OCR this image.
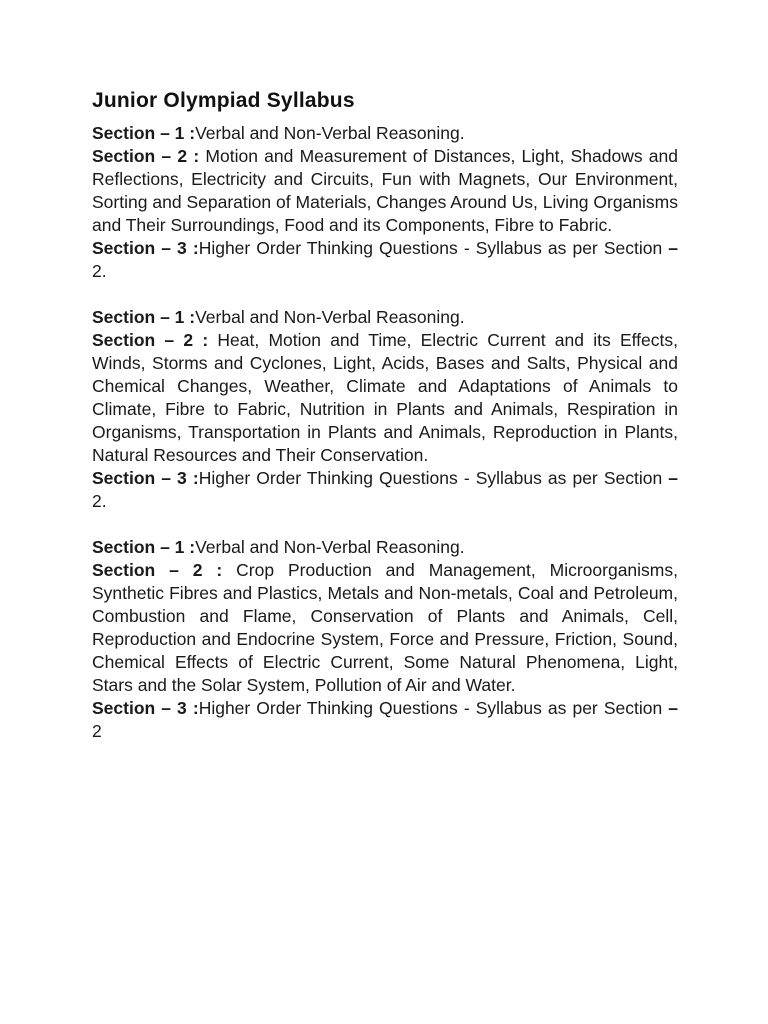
Junior Olympiad Syllabus

Section – 1 :Verbal and Non-Verbal Reasoning.

Section – 2 : Motion and Measurement of Distances, Light, Shadows and Reflections, Electricity and Circuits, Fun with Magnets, Our Environment, Sorting and Separation of Materials, Changes Around Us, Living Organisms and Their Surroundings, Food and its Components, Fibre to Fabric.

Section – 3 :Higher Order Thinking Questions - Syllabus as per Section – 2.

Section – 1 :Verbal and Non-Verbal Reasoning.

Section – 2 : Heat, Motion and Time, Electric Current and its Effects, Winds, Storms and Cyclones, Light, Acids, Bases and Salts, Physical and Chemical Changes, Weather, Climate and Adaptations of Animals to Climate, Fibre to Fabric, Nutrition in Plants and Animals, Respiration in Organisms, Transportation in Plants and Animals, Reproduction in Plants, Natural Resources and Their Conservation.

Section – 3 :Higher Order Thinking Questions - Syllabus as per Section – 2.

Section – 1 :Verbal and Non-Verbal Reasoning.

Section – 2 : Crop Production and Management, Microorganisms, Synthetic Fibres and Plastics, Metals and Non-metals, Coal and Petroleum, Combustion and Flame, Conservation of Plants and Animals, Cell, Reproduction and Endocrine System, Force and Pressure, Friction, Sound, Chemical Effects of Electric Current, Some Natural Phenomena, Light, Stars and the Solar System, Pollution of Air and Water.

Section – 3 :Higher Order Thinking Questions - Syllabus as per Section – 2
